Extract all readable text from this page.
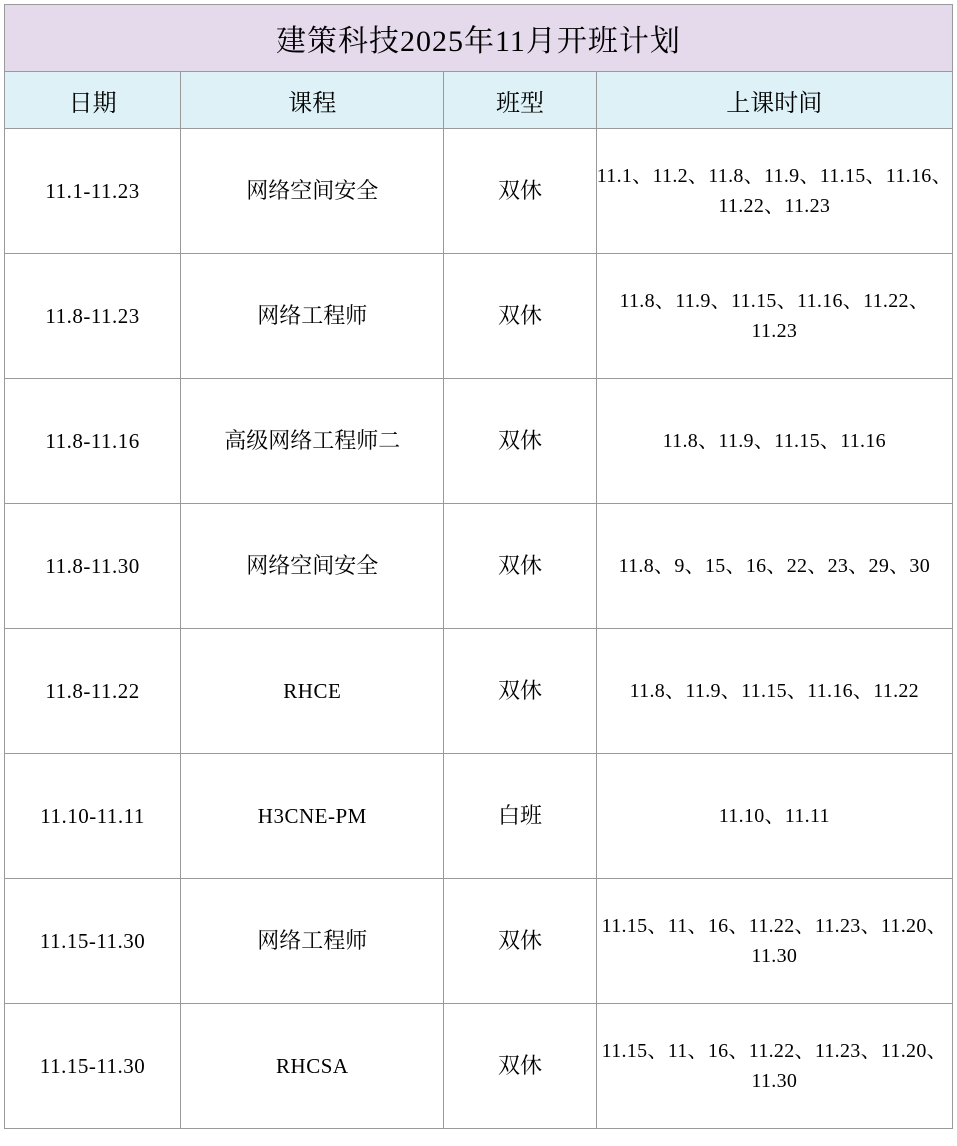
建策科技2025年11月开班计划			
日期	课程	班型	上课时间
11.1-11.23	网络空间安全	双休	11.1、11.2、11.8、11.9、11.15、11.16、11.22、11.23

11.8-11.23	网络工程师	双休	11.8、11.9、11.15、11.16、11.22、11.23

11.8-11.16	高级网络工程师二	双休	11.8、11.9、11.15、11.16

11.8-11.30	网络空间安全	双休	11.8、9、15、16、22、23、29、30

11.8-11.22	RHCE	双休	11.8、11.9、11.15、11.16、11.22

11.10-11.11	H3CNE-PM	白班	11.10、11.11

11.15-11.30	网络工程师	双休	11.15、11、16、11.22、11.23、11.20、11.30

11.15-11.30	RHCSA	双休	11.15、11、16、11.22、11.23、11.20、11.30
